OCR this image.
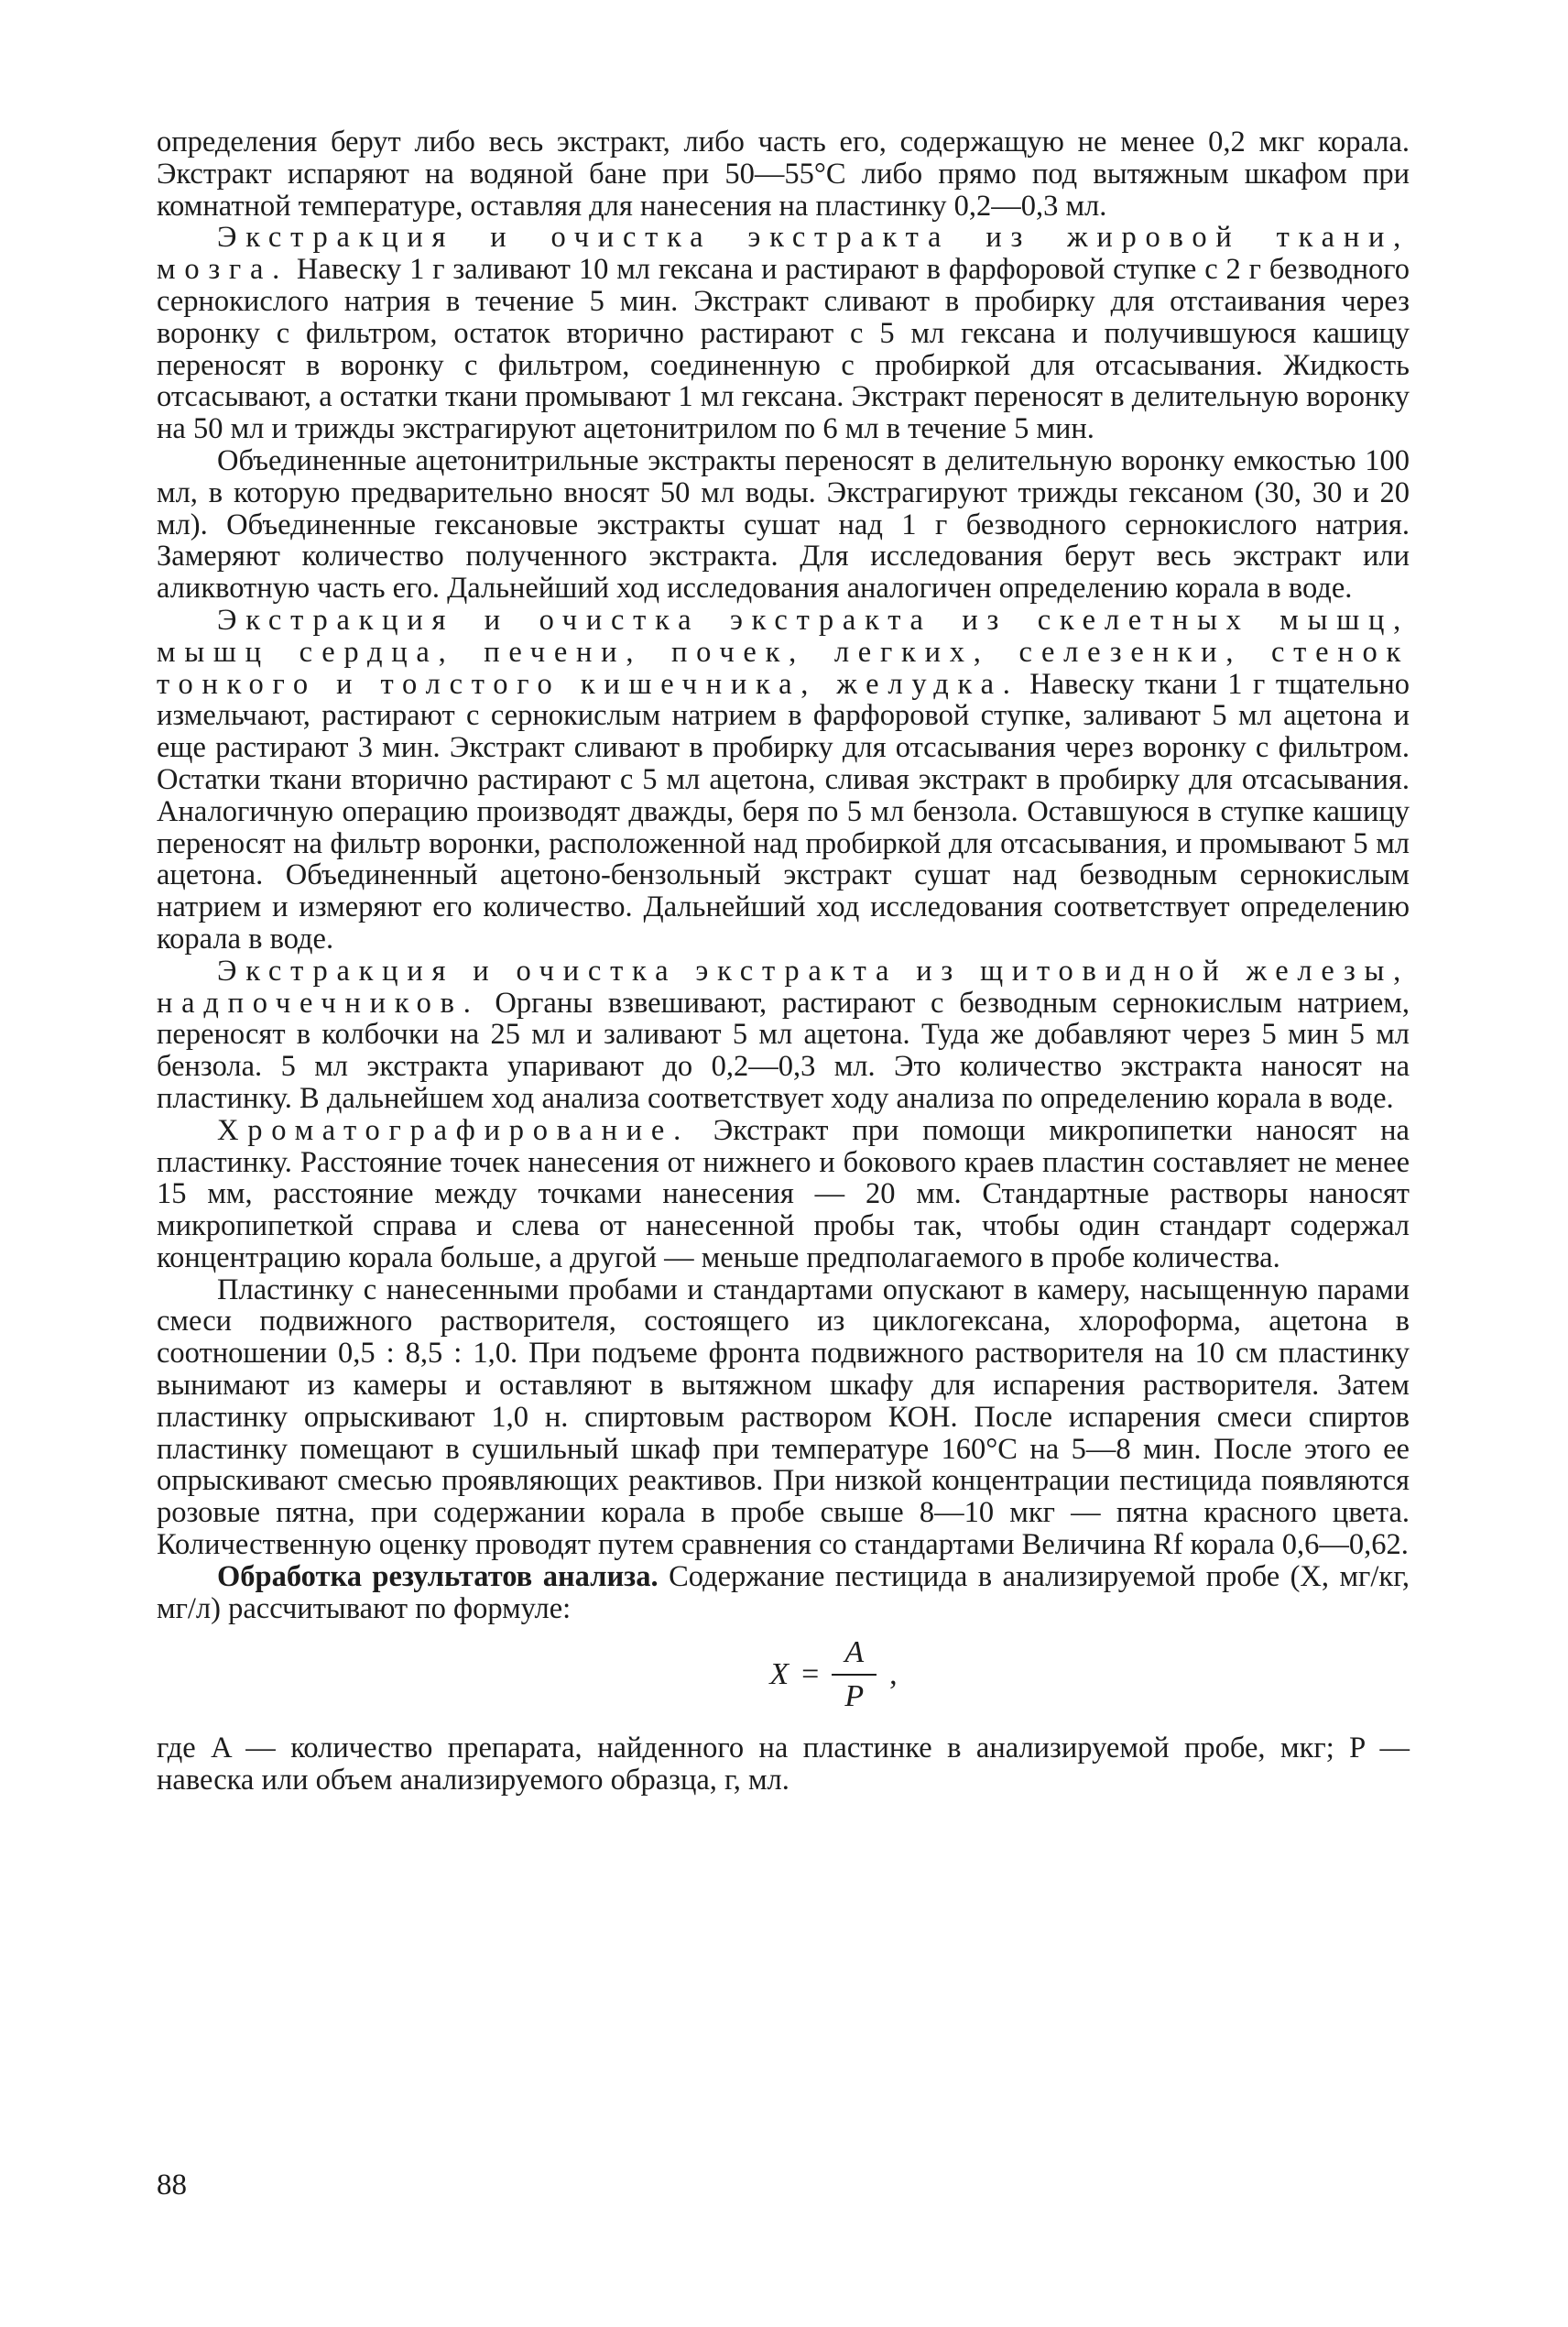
определения берут либо весь экстракт, либо часть его, содержащую не менее 0,2 мкг корала. Экстракт испаряют на водяной бане при 50—55°С либо прямо под вытяжным шкафом при комнатной температуре, оставляя для нанесения на пластинку 0,2—0,3 мл.

Экстракция и очистка экстракта из жировой ткани, мозга. Навеску 1 г заливают 10 мл гексана и растирают в фарфоровой ступке с 2 г безводного сернокислого натрия в течение 5 мин. Экстракт сливают в пробирку для отстаивания через воронку с фильтром, остаток вторично растирают с 5 мл гексана и получившуюся кашицу переносят в воронку с фильтром, соединенную с пробиркой для отсасывания. Жидкость отсасывают, а остатки ткани промывают 1 мл гексана. Экстракт переносят в делительную воронку на 50 мл и трижды экстрагируют ацетонитрилом по 6 мл в течение 5 мин.

Объединенные ацетонитрильные экстракты переносят в делительную воронку емкостью 100 мл, в которую предварительно вносят 50 мл воды. Экстрагируют трижды гексаном (30, 30 и 20 мл). Объединенные гексановые экстракты сушат над 1 г безводного сернокислого натрия. Замеряют количество полученного экстракта. Для исследования берут весь экстракт или аликвотную часть его. Дальнейший ход исследования аналогичен определению корала в воде.

Экстракция и очистка экстракта из скелетных мышц, мышц сердца, печени, почек, легких, селезенки, стенок тонкого и толстого кишечника, желудка. Навеску ткани 1 г тщательно измельчают, растирают с сернокислым натрием в фарфоровой ступке, заливают 5 мл ацетона и еще растирают 3 мин. Экстракт сливают в пробирку для отсасывания через воронку с фильтром. Остатки ткани вторично растирают с 5 мл ацетона, сливая экстракт в пробирку для отсасывания. Аналогичную операцию производят дважды, беря по 5 мл бензола. Оставшуюся в ступке кашицу переносят на фильтр воронки, расположенной над пробиркой для отсасывания, и промывают 5 мл ацетона. Объединенный ацетоно-бензольный экстракт сушат над безводным сернокислым натрием и измеряют его количество. Дальнейший ход исследования соответствует определению корала в воде.

Экстракция и очистка экстракта из щитовидной железы, надпочечников. Органы взвешивают, растирают с безводным сернокислым натрием, переносят в колбочки на 25 мл и заливают 5 мл ацетона. Туда же добавляют через 5 мин 5 мл бензола. 5 мл экстракта упаривают до 0,2—0,3 мл. Это количество экстракта наносят на пластинку. В дальнейшем ход анализа соответствует ходу анализа по определению корала в воде.

Хроматографирование. Экстракт при помощи микропипетки наносят на пластинку. Расстояние точек нанесения от нижнего и бокового краев пластин составляет не менее 15 мм, расстояние между точками нанесения — 20 мм. Стандартные растворы наносят микропипеткой справа и слева от нанесенной пробы так, чтобы один стандарт содержал концентрацию корала больше, а другой — меньше предполагаемого в пробе количества.

Пластинку с нанесенными пробами и стандартами опускают в камеру, насыщенную парами смеси подвижного растворителя, состоящего из циклогексана, хлороформа, ацетона в соотношении 0,5 : 8,5 : 1,0. При подъеме фронта подвижного растворителя на 10 см пластинку вынимают из камеры и оставляют в вытяжном шкафу для испарения растворителя. Затем пластинку опрыскивают 1,0 н. спиртовым раствором КОН. После испарения смеси спиртов пластинку помещают в сушильный шкаф при температуре 160°С на 5—8 мин. После этого ее опрыскивают смесью проявляющих реактивов. При низкой концентрации пестицида появляются розовые пятна, при содержании корала в пробе свыше 8—10 мкг — пятна красного цвета. Количественную оценку проводят путем сравнения со стандартами Величина Rf корала 0,6—0,62.

Обработка результатов анализа. Содержание пестицида в анализируемой пробе (X, мг/кг, мг/л) рассчитывают по формуле:

$X = \frac{A}{P}$ ,

где A — количество препарата, найденного на пластинке в анализируемой пробе, мкг; P — навеска или объем анализируемого образца, г, мл.

88
